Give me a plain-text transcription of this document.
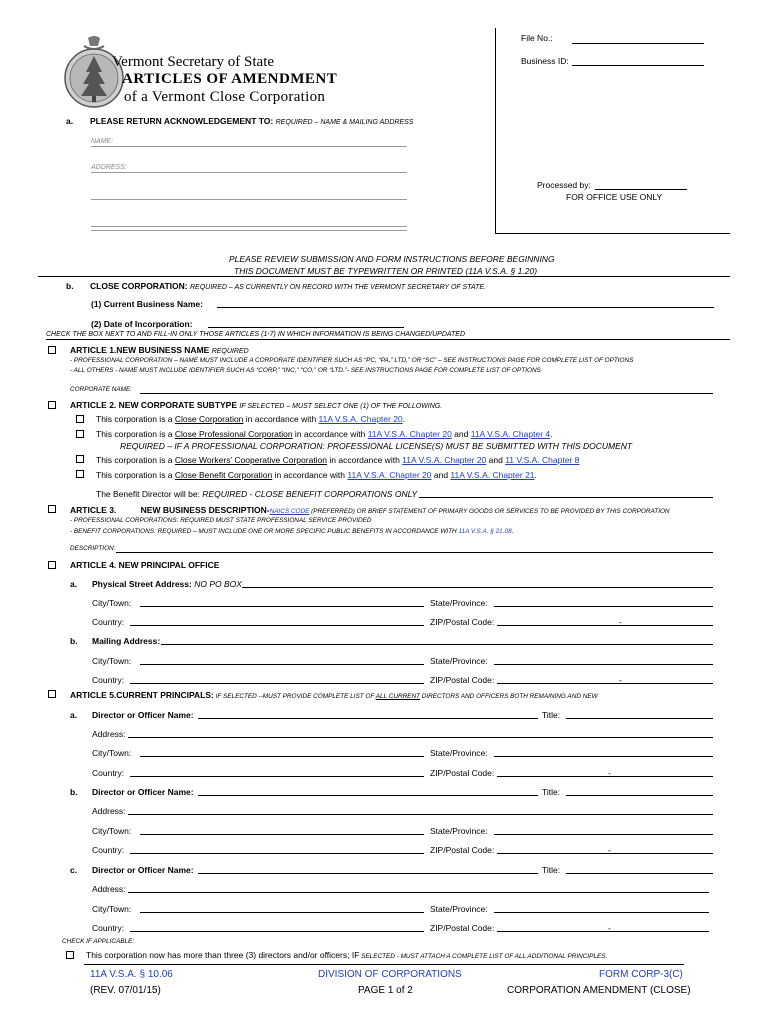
Vermont Secretary of State
ARTICLES OF AMENDMENT
of a Vermont Close Corporation
File No.:
Business ID:
Processed by:
FOR OFFICE USE ONLY
a. PLEASE RETURN ACKNOWLEDGEMENT TO: REQUIRED – NAME & MAILING ADDRESS
NAME:
ADDRESS:
PLEASE REVIEW SUBMISSION AND FORM INSTRUCTIONS BEFORE BEGINNING
THIS DOCUMENT MUST BE TYPEWRITTEN OR PRINTED (11A V.S.A. § 1.20)
b. CLOSE CORPORATION: REQUIRED – AS CURRENTLY ON RECORD WITH THE VERMONT SECRETARY OF STATE.
(1) Current Business Name:
(2) Date of Incorporation:
CHECK THE BOX NEXT TO AND FILL-IN ONLY THOSE ARTICLES (1-7) IN WHICH INFORMATION IS BEING CHANGED/UPDATED
ARTICLE 1.NEW BUSINESS NAME REQUIRED
- PROFESSIONAL CORPORATION – NAME MUST INCLUDE A CORPORATE IDENTIFIER SUCH AS “PC, “PA,” LTD,” OR “SC” – SEE INSTRUCTIONS PAGE FOR COMPLETE LIST OF OPTIONS
- ALL OTHERS - NAME MUST INCLUDE IDENTIFIER SUCH AS “CORP,” “INC,” “CO,” OR “LTD.”- SEE INSTRUCTIONS PAGE FOR COMPLETE LIST OF OPTIONS
CORPORATE NAME:
ARTICLE 2. NEW CORPORATE SUBTYPE IF SELECTED – MUST SELECT ONE (1) OF THE FOLLOWING.
This corporation is a Close Corporation in accordance with 11A V.S.A. Chapter 20.
This corporation is a Close Professional Corporation in accordance with 11A V.S.A. Chapter 20 and 11A V.S.A. Chapter 4.
REQUIRED – IF A PROFESSIONAL CORPORATION: PROFESSIONAL LICENSE(S) MUST BE SUBMITTED WITH THIS DOCUMENT
This corporation is a Close Workers’ Cooperative Corporation in accordance with 11A V.S.A. Chapter 20 and 11 V.S.A. Chapter 8
This corporation is a Close Benefit Corporation in accordance with 11A V.S.A. Chapter 20 and 11A V.S.A. Chapter 21.
The Benefit Director will be: REQUIRED - CLOSE BENEFIT CORPORATIONS ONLY
ARTICLE 3.	NEW BUSINESS DESCRIPTION-NAICS CODE (PREFERRED) OR BRIEF STATEMENT OF PRIMARY GOODS OR SERVICES TO BE PROVIDED BY THIS CORPORATION
- PROFESSIONAL CORPORATIONS: REQUIRED MUST STATE PROFESSIONAL SERVICE PROVIDED
- BENEFIT CORPORATIONS: REQUIRED – MUST INCLUDE ONE OR MORE SPECIFIC PUBLIC BENEFITS IN ACCORDANCE WITH 11A V.S.A. § 21.08.
DESCRIPTION:
ARTICLE 4. NEW PRINCIPAL OFFICE
a. Physical Street Address: NO PO BOX
City/Town:	State/Province:
Country:	ZIP/Postal Code:	-
b. Mailing Address:
City/Town:	State/Province:
Country:	ZIP/Postal Code:	-
ARTICLE 5.CURRENT PRINCIPALS: IF SELECTED --MUST PROVIDE COMPLETE LIST OF ALL CURRENT DIRECTORS AND OFFICERS BOTH REMAINING AND NEW
a. Director or Officer Name:	Title:
Address:
City/Town:	State/Province:
Country:	ZIP/Postal Code:	-
b. Director or Officer Name:	Title:
Address:
City/Town:	State/Province:
Country:	ZIP/Postal Code:	-
c. Director or Officer Name:	Title:
Address:
City/Town:	State/Province:
Country:	ZIP/Postal Code:	-
CHECK IF APPLICABLE:
This corporation now has more than three (3) directors and/or officers; IF SELECTED - MUST ATTACH A COMPLETE LIST OF ALL ADDITIONAL PRINCIPLES.
11A V.S.A. § 10.06
(REV. 07/01/15)
DIVISION OF CORPORATIONS
PAGE 1 of 2
FORM CORP-3(C)
CORPORATION AMENDMENT (CLOSE)
